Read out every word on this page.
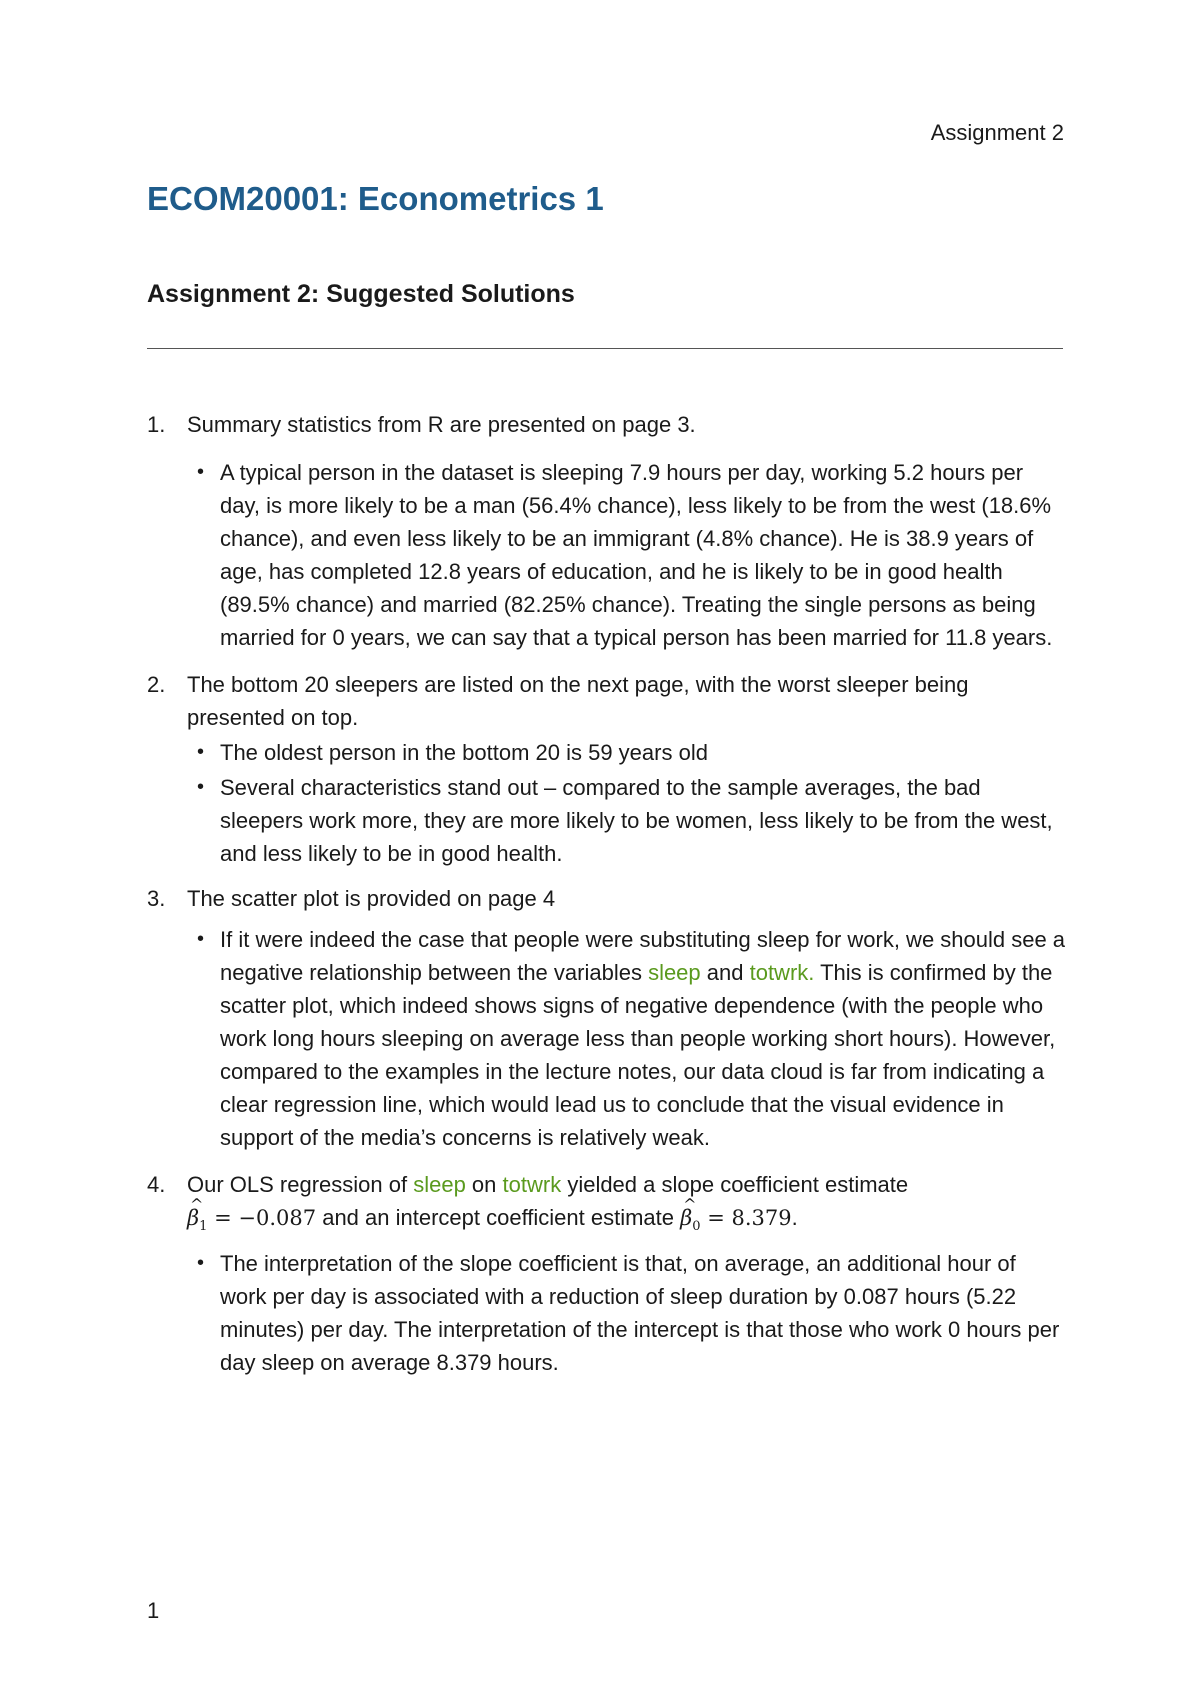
Assignment 2
ECOM20001: Econometrics 1
Assignment 2: Suggested Solutions
1. Summary statistics from R are presented on page 3.
• A typical person in the dataset is sleeping 7.9 hours per day, working 5.2 hours per day, is more likely to be a man (56.4% chance), less likely to be from the west (18.6% chance), and even less likely to be an immigrant (4.8% chance). He is 38.9 years of age, has completed 12.8 years of education, and he is likely to be in good health (89.5% chance) and married (82.25% chance). Treating the single persons as being married for 0 years, we can say that a typical person has been married for 11.8 years.
2. The bottom 20 sleepers are listed on the next page, with the worst sleeper being presented on top.
• The oldest person in the bottom 20 is 59 years old
• Several characteristics stand out – compared to the sample averages, the bad sleepers work more, they are more likely to be women, less likely to be from the west, and less likely to be in good health.
3. The scatter plot is provided on page 4
• If it were indeed the case that people were substituting sleep for work, we should see a negative relationship between the variables sleep and totwrk. This is confirmed by the scatter plot, which indeed shows signs of negative dependence (with the people who work long hours sleeping on average less than people working short hours). However, compared to the examples in the lecture notes, our data cloud is far from indicating a clear regression line, which would lead us to conclude that the visual evidence in support of the media’s concerns is relatively weak.
4. Our OLS regression of sleep on totwrk yielded a slope coefficient estimate
^ $\beta_1 = -0.087$ and an intercept coefficient estimate ^ $\beta_0 = 8.379$.
• The interpretation of the slope coefficient is that, on average, an additional hour of work per day is associated with a reduction of sleep duration by 0.087 hours (5.22 minutes) per day. The interpretation of the intercept is that those who work 0 hours per day sleep on average 8.379 hours.
1
